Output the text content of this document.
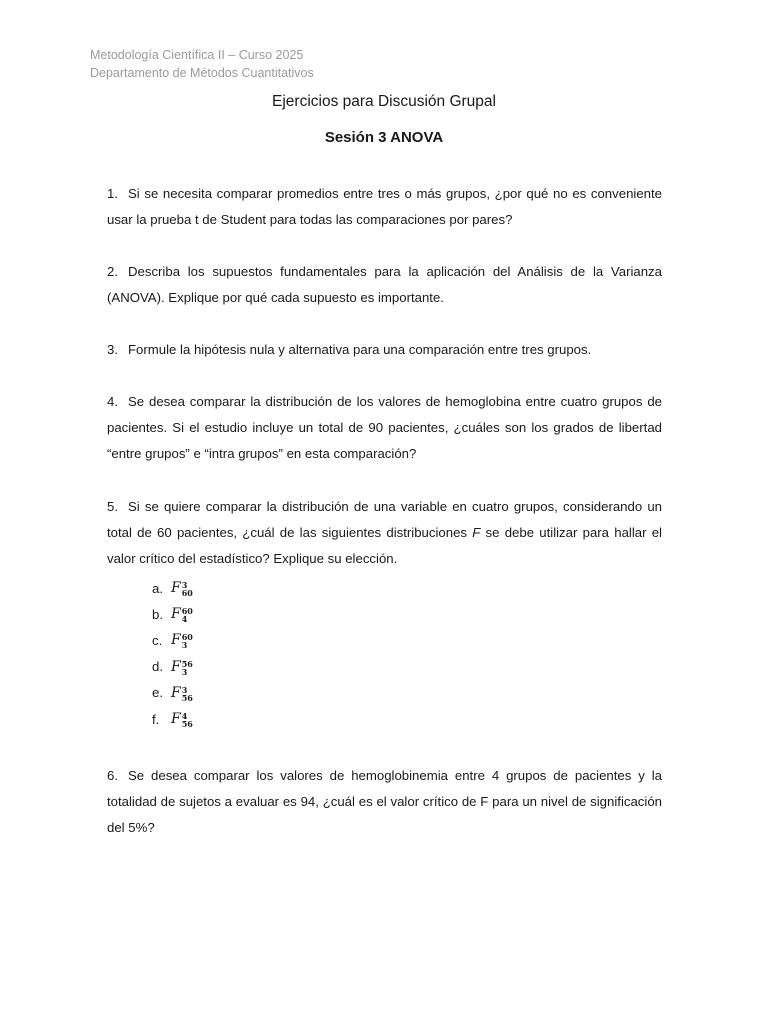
Metodología Científica II – Curso 2025
Departamento de Métodos Cuantitativos
Ejercicios para Discusión Grupal
Sesión 3 ANOVA
1. Si se necesita comparar promedios entre tres o más grupos, ¿por qué no es conveniente usar la prueba t de Student para todas las comparaciones por pares?
2. Describa los supuestos fundamentales para la aplicación del Análisis de la Varianza (ANOVA). Explique por qué cada supuesto es importante.
3. Formule la hipótesis nula y alternativa para una comparación entre tres grupos.
4. Se desea comparar la distribución de los valores de hemoglobina entre cuatro grupos de pacientes. Si el estudio incluye un total de 90 pacientes, ¿cuáles son los grados de libertad “entre grupos” e “intra grupos” en esta comparación?
5. Si se quiere comparar la distribución de una variable en cuatro grupos, considerando un total de 60 pacientes, ¿cuál de las siguientes distribuciones F se debe utilizar para hallar el valor crítico del estadístico? Explique su elección.
a. F 3
60
b. F 60
4
c. F 60
3
d. F 56
3
e. F 3
56
f. F 4
56
6. Se desea comparar los valores de hemoglobinemia entre 4 grupos de pacientes y la totalidad de sujetos a evaluar es 94, ¿cuál es el valor crítico de F para un nivel de significación del 5%?
